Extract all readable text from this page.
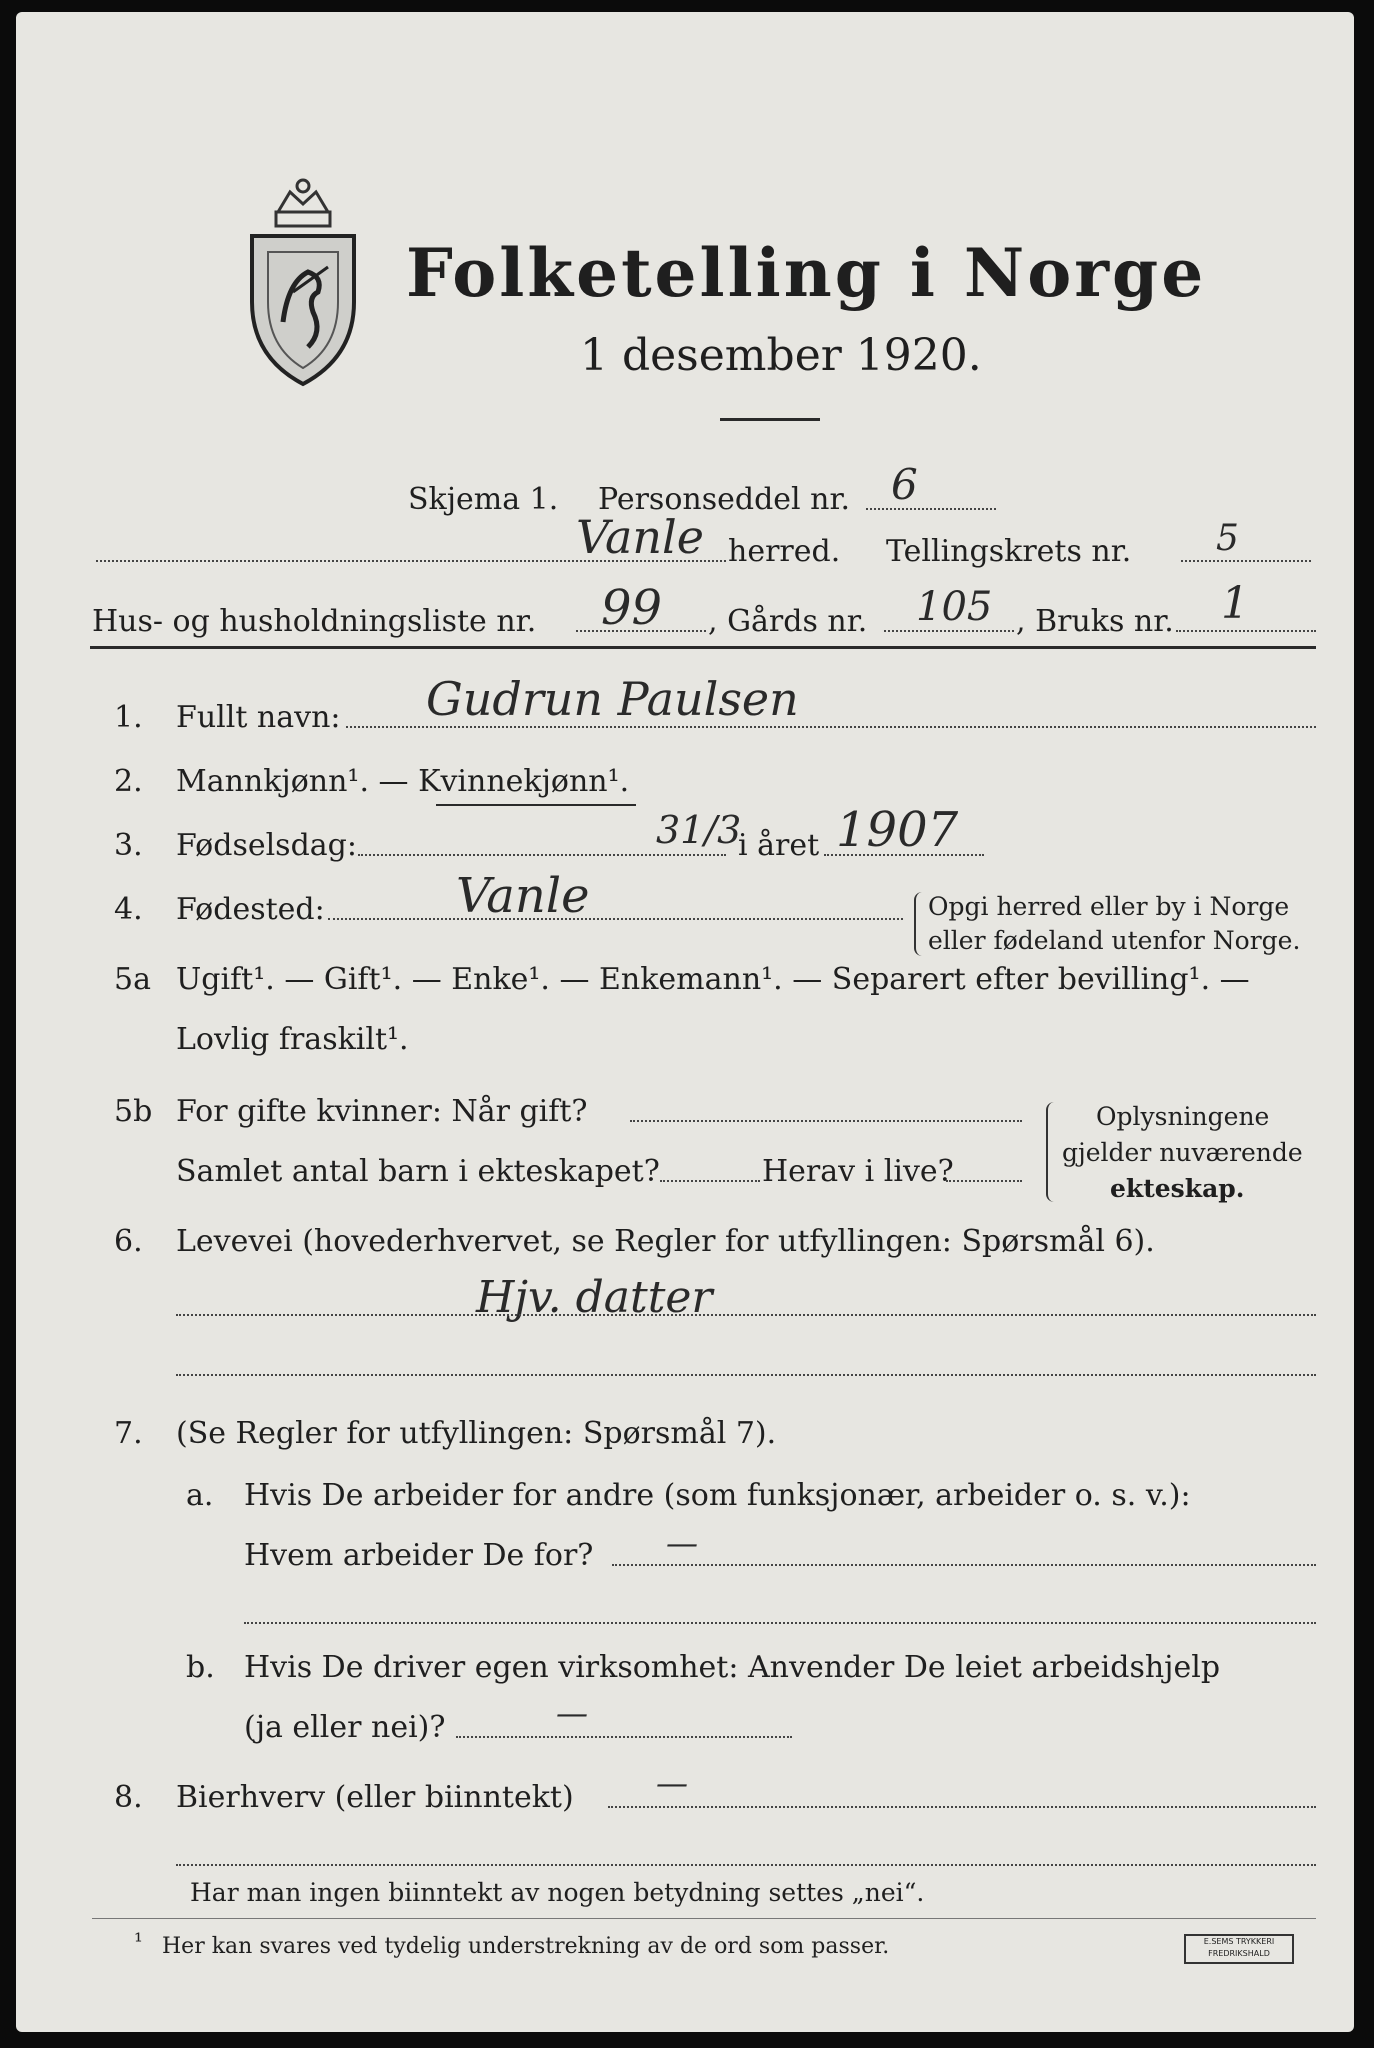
Folketelling i Norge
1 desember 1920.
Skjema 1. Personseddel nr. 6
Vanle herred. Tellingskrets nr. 5
Hus- og husholdningsliste nr. 99 , Gårds nr. 105 , Bruks nr. 1
1. Fullt navn: Gudrun Paulsen
2. Mannkjønn¹. — Kvinnekjønn¹.
3. Fødselsdag:	31/3
i året 1907
4. Fødested:	Vanle	Opgi herred eller by i Norge
eller fødeland utenfor Norge.
5a Ugift¹. — Gift¹. — Enke¹. — Enkemann¹. — Separert efter bevilling¹. —
Lovlig fraskilt¹.
5b For gifte kvinner: Når gift?
Samlet antal barn i ekteskapet?	Herav i live?
Oplysningene
gjelder nuværende
ekteskap.
6. Levevei (hovederhvervet, se Regler for utfyllingen: Spørsmål 6).
Hjv. datter
7. (Se Regler for utfyllingen: Spørsmål 7).
a. Hvis De arbeider for andre (som funksjonær, arbeider o. s. v.):
Hvem arbeider De for? —
b. Hvis De driver egen virksomhet: Anvender De leiet arbeidshjelp
(ja eller nei)?	—
8. Bierhverv (eller biinntekt)	—
Har man ingen biinntekt av nogen betydning settes „nei“.
¹ Her kan svares ved tydelig understrekning av de ord som passer.	E.SEMS TRYKKERI FREDRIKSHALD
